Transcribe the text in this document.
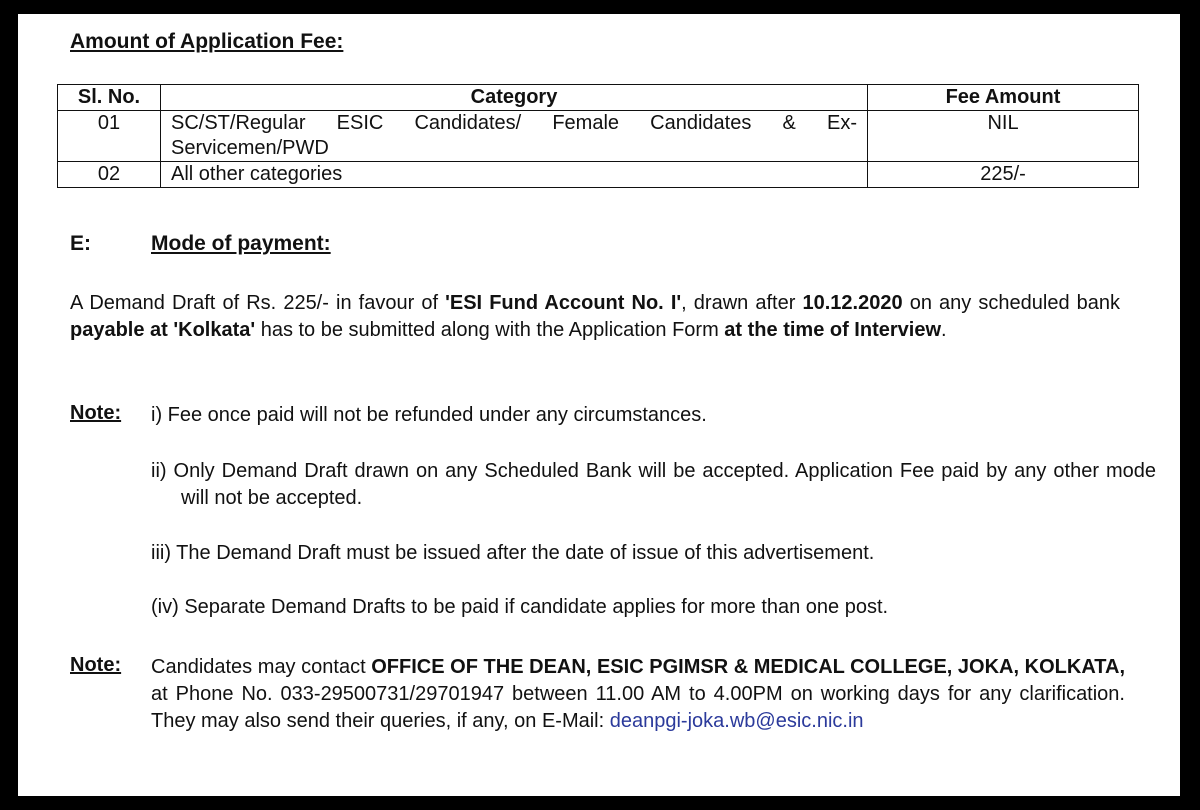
Amount of Application Fee:
Sl. No.	Category	Fee Amount
01	SC/ST/Regular ESIC Candidates/ Female Candidates & Ex-Servicemen/PWD	NIL
02	All other categories	225/-
E:	Mode of payment:
A Demand Draft of Rs. 225/- in favour of 'ESI Fund Account No. I', drawn after 10.12.2020 on any scheduled bank payable at 'Kolkata' has to be submitted along with the Application Form at the time of Interview.
Note: i) Fee once paid will not be refunded under any circumstances.
ii) Only Demand Draft drawn on any Scheduled Bank will be accepted. Application Fee paid by any other mode will not be accepted.
iii) The Demand Draft must be issued after the date of issue of this advertisement.
(iv) Separate Demand Drafts to be paid if candidate applies for more than one post.
Note: Candidates may contact OFFICE OF THE DEAN, ESIC PGIMSR & MEDICAL COLLEGE, JOKA, KOLKATA, at Phone No. 033-29500731/29701947 between 11.00 AM to 4.00PM on working days for any clarification. They may also send their queries, if any, on E-Mail: deanpgi-joka.wb@esic.nic.in
